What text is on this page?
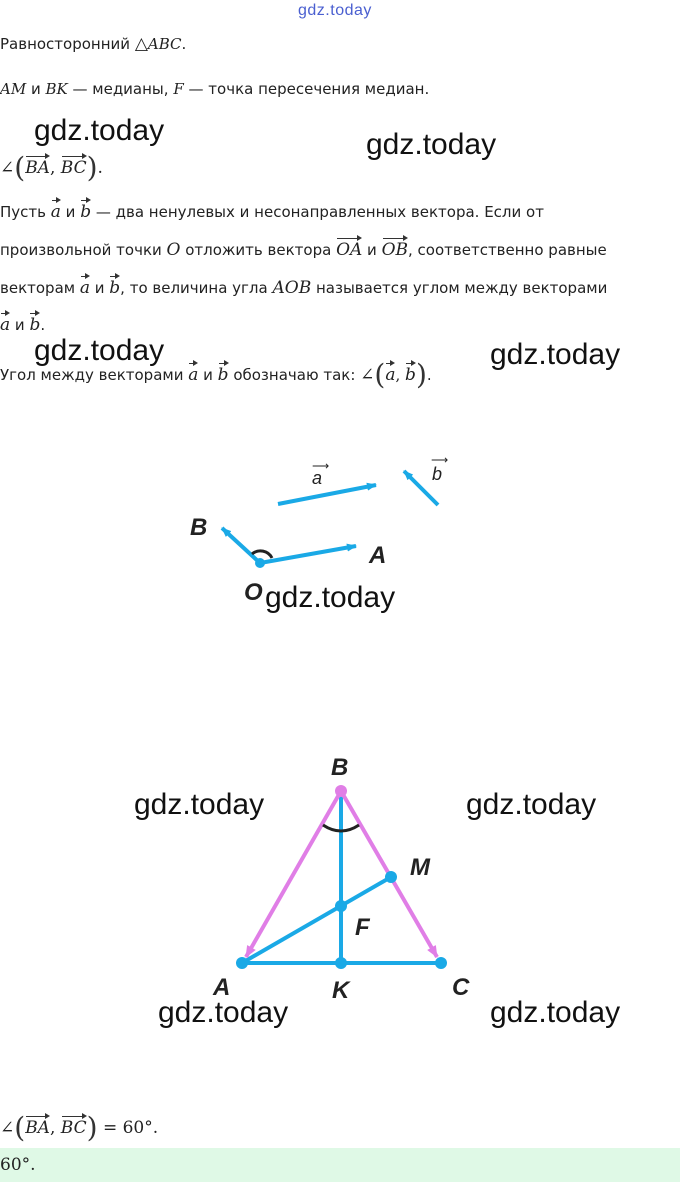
gdz.today
Равносторонний △ABC.
AM и BK — медианы, F — точка пересечения медиан.
gdz.today	gdz.today
∠(BA, BC).
Пусть a и b — два ненулевых и несонаправленных вектора. Если от
произвольной точки O отложить вектора OA и OB, соответственно равные
векторам a и b, то величина угла AOB называется углом между векторами
a и b.
gdz.today	gdz.today
Угол между векторами a и b обозначаю так: ∠(a, b).
a
⟶	b
⟶
B
A
O gdz.today
B
M
F
A	K	C
gdz.today	gdz.today
gdz.today	gdz.today
∠(BA, BC) = 60°.
60°.
